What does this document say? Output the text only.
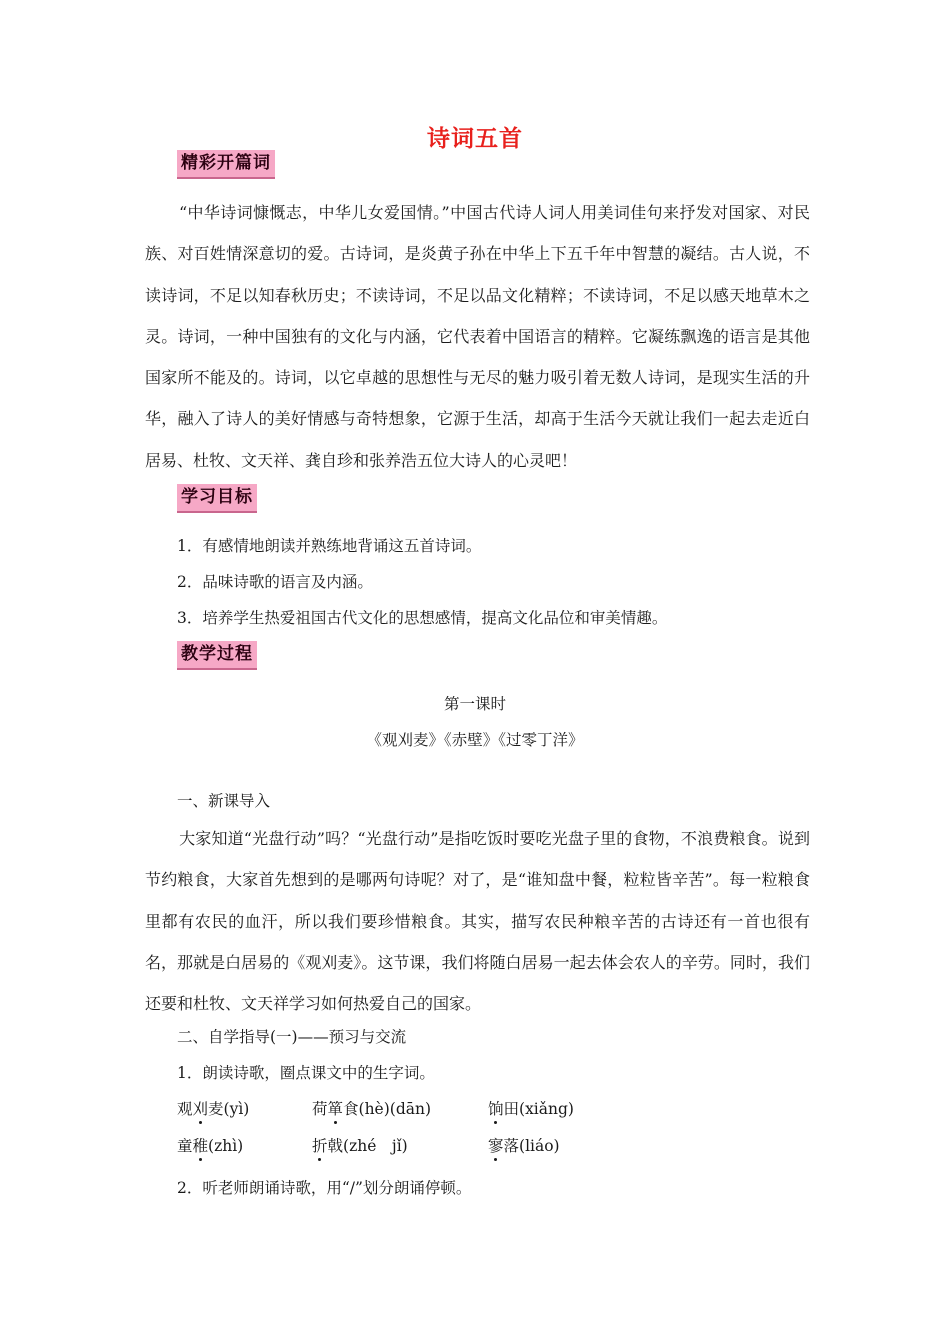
诗词五首
精彩开篇词
“中华诗词慷慨志，中华儿女爱国情。”中国古代诗人词人用美词佳句来抒发对国家、对民族、对百姓情深意切的爱。古诗词，是炎黄子孙在中华上下五千年中智慧的凝结。古人说，不读诗词，不足以知春秋历史；不读诗词，不足以品文化精粹；不读诗词，不足以感天地草木之灵。诗词，一种中国独有的文化与内涵，它代表着中国语言的精粹。它凝练飘逸的语言是其他国家所不能及的。诗词，以它卓越的思想性与无尽的魅力吸引着无数人诗词，是现实生活的升华，融入了诗人的美好情感与奇特想象，它源于生活，却高于生活今天就让我们一起去走近白居易、杜牧、文天祥、龚自珍和张养浩五位大诗人的心灵吧！
学习目标
1．有感情地朗读并熟练地背诵这五首诗词。
2．品味诗歌的语言及内涵。
3．培养学生热爱祖国古代文化的思想感情，提高文化品位和审美情趣。
教学过程
第一课时
《观刈麦》《赤壁》《过零丁洋》
一、新课导入
大家知道“光盘行动”吗？“光盘行动”是指吃饭时要吃光盘子里的食物，不浪费粮食。说到节约粮食，大家首先想到的是哪两句诗呢？对了，是“谁知盘中餐，粒粒皆辛苦”。每一粒粮食里都有农民的血汗，所以我们要珍惜粮食。其实，描写农民种粮辛苦的古诗还有一首也很有名，那就是白居易的《观刈麦》。这节课，我们将随白居易一起去体会农人的辛劳。同时，我们还要和杜牧、文天祥学习如何热爱自己的国家。
二、自学指导(一)——预习与交流
1．朗读诗歌，圈点课文中的生字词。
观刈麦(yì)	荷箪食(hè)(dān)	饷田(xiǎng)
童稚(zhì)	折戟(zhé　jǐ)	寥落(liáo)
2．听老师朗诵诗歌，用“/”划分朗诵停顿。
